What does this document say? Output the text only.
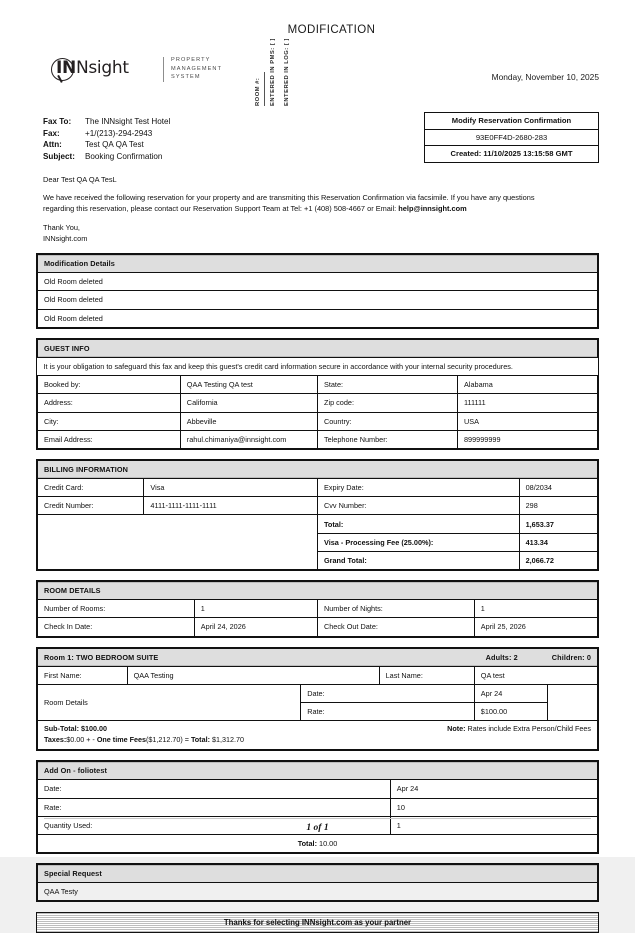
MODIFICATION
INNsight	PROPERTY
MANAGEMENT
SYSTEM
ROOM #: ENTERED IN PMS: [ ] ENTERED IN LOG: [ ]	Monday, November 10, 2025
Fax To:	The INNsight Test Hotel
Fax:	+1/(213)-294-2943
Attn:	Test QA QA Test
Subject:	Booking Confirmation
Modify Reservation Confirmation
93E0FF4D-2680-283
Created: 11/10/2025 13:15:58 GMT
Dear Test QA QA TesL
We have received the following reservation for your property and are transmiting this Reservation Confirmation via facsimile. If you have any questions
regarding this reservation, please contact our Reservation Support Team at Tel: +1 (408) 508-4667 or Email: help@innsight.com
Thank You,
INNsight.com
Modification Details
Old Room deleted
Old Room deleted
Old Room deleted
GUEST INFO			
It is your obligation to safeguard this fax and keep this guest's credit card information secure in accordance with your internal security procedures.			
Booked by:	QAA Testing QA test	State:	Alabama
Address:	California	Zip code:	111111
City:	Abbeville	Country:	USA
Email Address:	rahul.chimaniya@innsight.com	Telephone Number:	899999999
BILLING INFORMATION			
Credit Card:	Visa	Expiry Date:	08/2034
Credit Number:	4111-1111-1111-1111	Cvv Number:	298
		Total:	1,653.37
		Visa - Processing Fee (25.00%):	413.34
		Grand Total:	2,066.72
ROOM DETAILS			
Number of Rooms:	1	Number of Nights:	1
Check In Date:	April 24, 2026	Check Out Date:	April 25, 2026
Room 1: TWO BEDROOM SUITE Adults: 2 Children: 0					

First Name:	QAA Testing		Last Name:	QA test	
Room Details		Date:		Apr 24	
		Rate:		$100.00	

Sub-Total: $100.00
Taxes:$0.00 + - One time Fees($1,212.70) = Total: $1,312.70
Note: Rates include Extra Person/Child Fees					
Add On - foliotest	
Date:	Apr 24
Rate:	10
Quantity Used:	1
Total: 10.00	
Special Request
QAA Testy
Thanks for selecting INNsight.com as your partner
1 of 1
